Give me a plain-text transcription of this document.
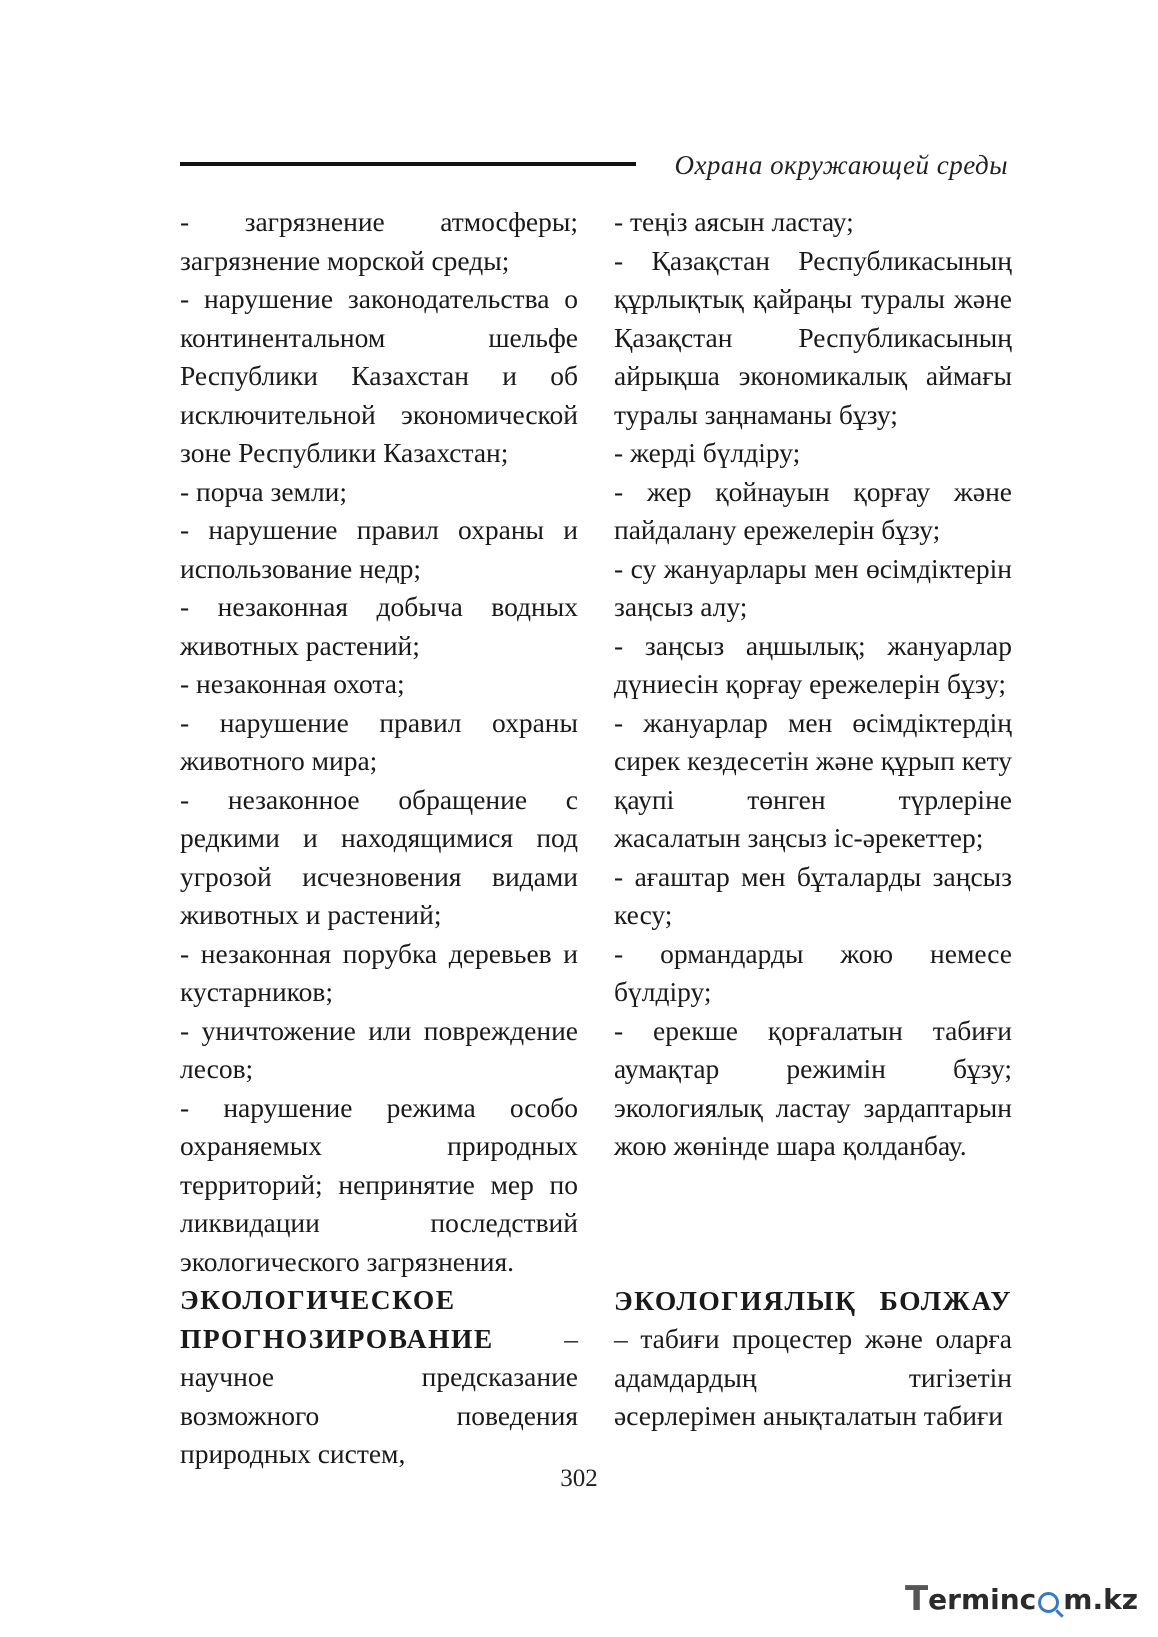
Охрана окружающей среды

- загрязнение атмосферы; загрязнение морской среды;

- нарушение законодательства о континентальном шельфе Республики Казахстан и об исключительной экономической зоне Республики Казахстан;

- порча земли;

- нарушение правил охраны и использование недр;

- незаконная добыча водных животных растений;

- незаконная охота;

- нарушение правил охраны животного мира;

- незаконное обращение с редкими и находящимися под угрозой исчезновения видами животных и растений;

- незаконная порубка деревьев и кустарников;

- уничтожение или повреждение лесов;

- нарушение режима особо охраняемых природных территорий; непринятие мер по ликвидации последствий экологического загрязнения.

ЭКОЛОГИЧЕСКОЕ ПРОГНОЗИРОВАНИЕ – научное предсказание возможного поведения природных систем,

- теңіз аясын ластау;

- Қазақстан Республикасының құрлықтық қайраңы туралы және Қазақстан Республикасының айрықша экономикалық аймағы туралы заңнаманы бұзу;

- жерді бүлдіру;

- жер қойнауын қорғау және пайдалану ережелерін бұзу;

- су жануарлары мен өсімдіктерін заңсыз алу;

- заңсыз аңшылық; жануарлар дүниесін қорғау ережелерін бұзу;

- жануарлар мен өсімдіктердің сирек кездесетін және құрып кету қаупі төнген түрлеріне жасалатын заңсыз іс-әрекеттер;

- ағаштар мен бұталарды заңсыз кесу;

- ормандарды жою немесе бүлдіру;

- ерекше қорғалатын табиғи аумақтар режимін бұзу; экологиялық ластау зардаптарын жою жөнінде шара қолданбау.

ЭКОЛОГИЯЛЫҚ БОЛЖАУ – табиғи процестер және оларға адамдардың тигізетін әсерлерімен анықталатын табиғи

302
T erminc m.kz
